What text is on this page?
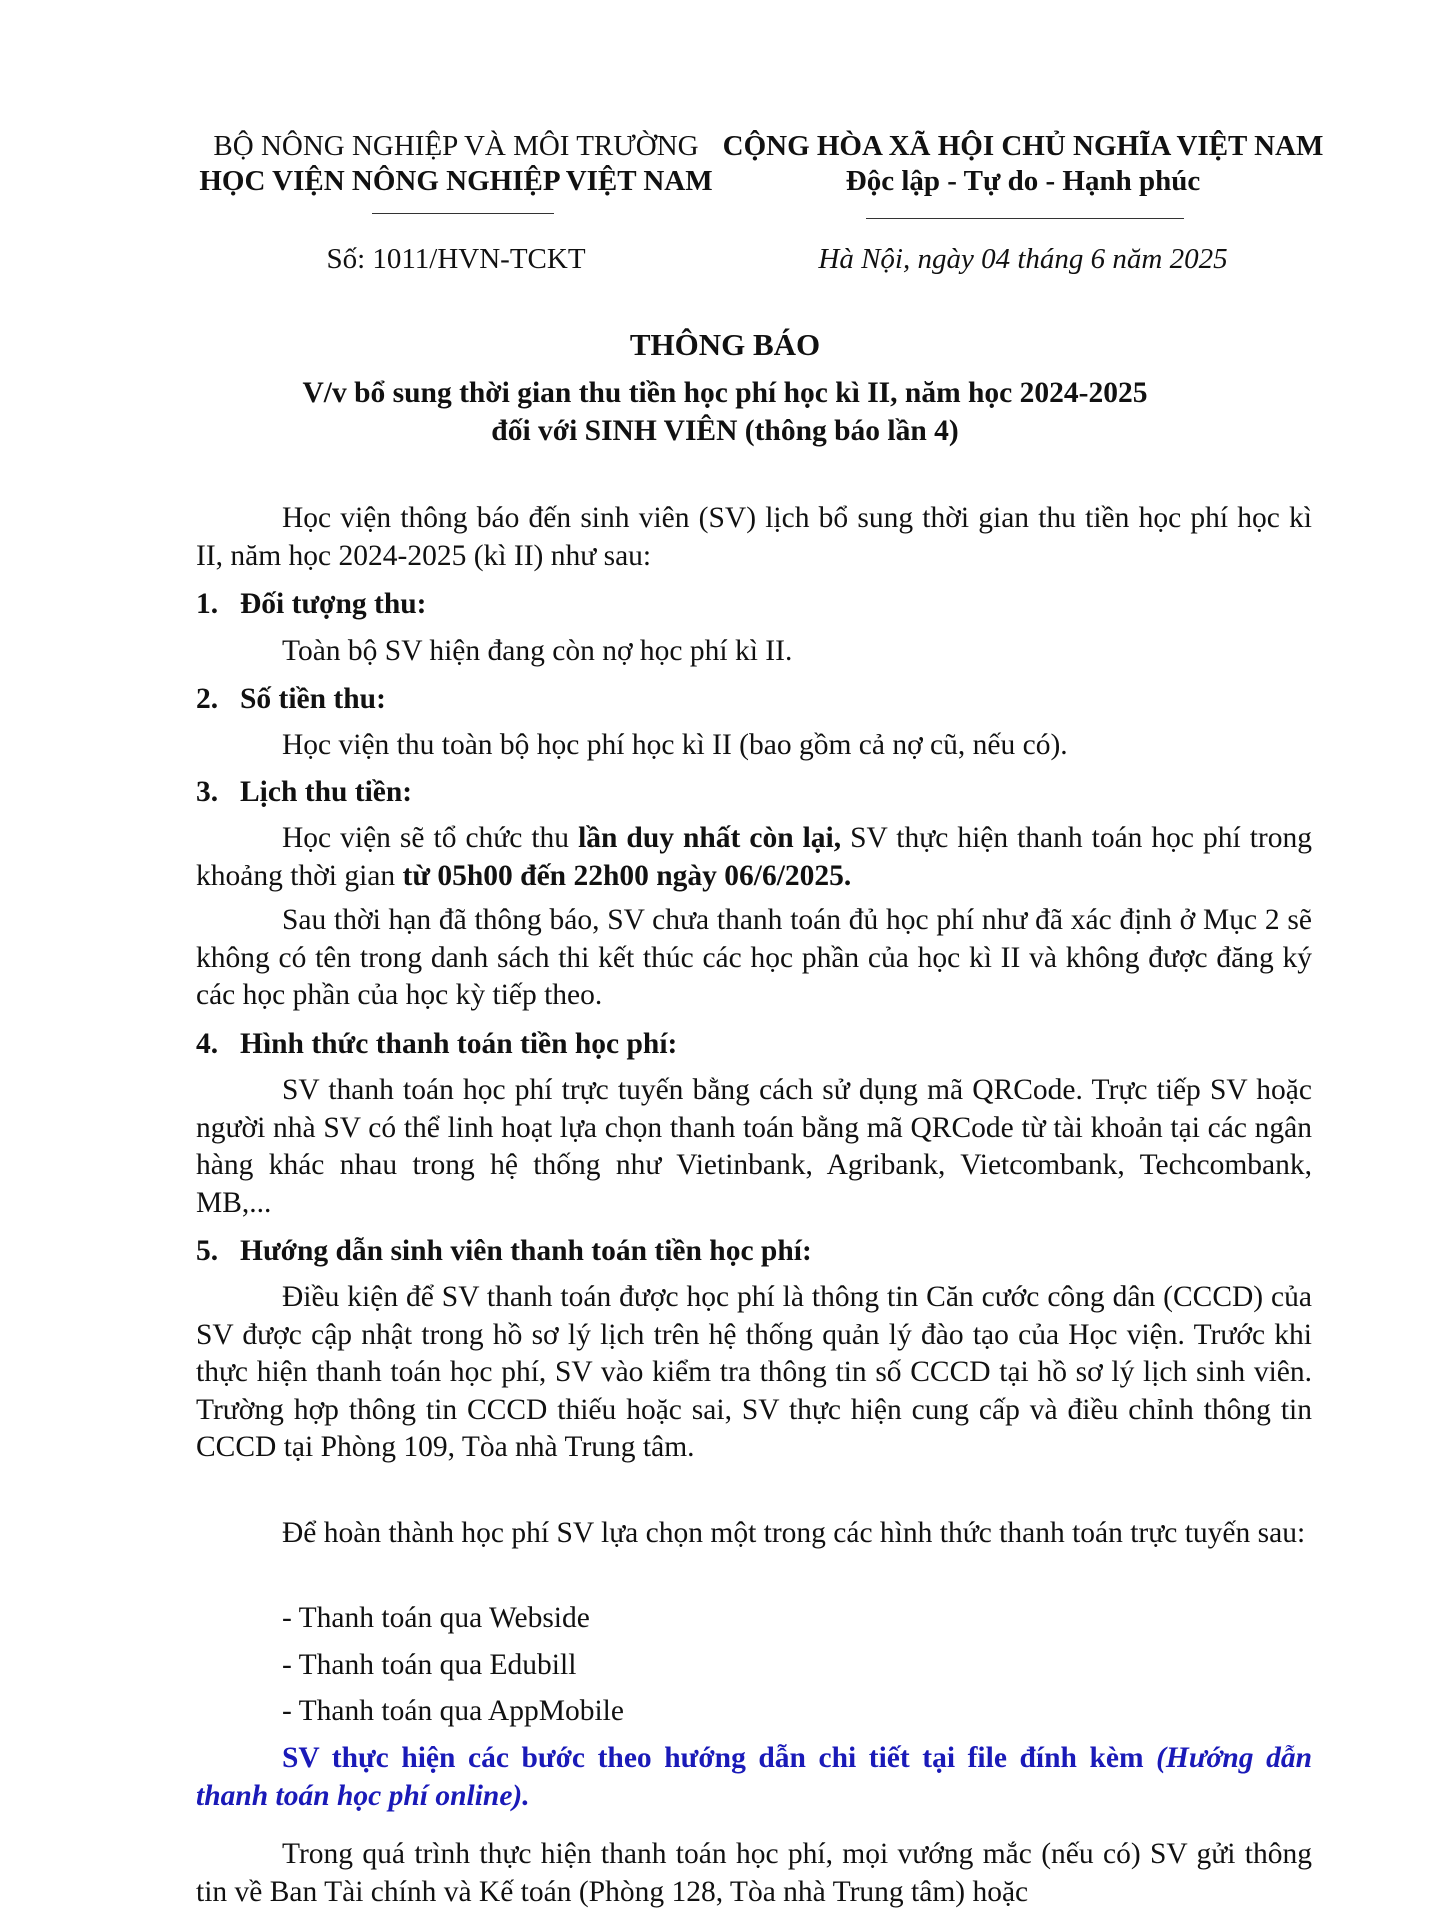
BỘ NÔNG NGHIỆP VÀ MÔI TRƯỜNG
HỌC VIỆN NÔNG NGHIỆP VIỆT NAM
CỘNG HÒA XÃ HỘI CHỦ NGHĨA VIỆT NAM
Độc lập - Tự do - Hạnh phúc
Số: 1011/HVN-TCKT	Hà Nội, ngày 04 tháng 6 năm 2025
THÔNG BÁO
V/v bổ sung thời gian thu tiền học phí học kì II, năm học 2024-2025
đối với SINH VIÊN (thông báo lần 4)
Học viện thông báo đến sinh viên (SV) lịch bổ sung thời gian thu tiền học phí học kì II, năm học 2024-2025 (kì II) như sau:
1. Đối tượng thu:
Toàn bộ SV hiện đang còn nợ học phí kì II.
2. Số tiền thu:
Học viện thu toàn bộ học phí học kì II (bao gồm cả nợ cũ, nếu có).
3. Lịch thu tiền:
Học viện sẽ tổ chức thu lần duy nhất còn lại, SV thực hiện thanh toán học phí trong khoảng thời gian từ 05h00 đến 22h00 ngày 06/6/2025.
Sau thời hạn đã thông báo, SV chưa thanh toán đủ học phí như đã xác định ở Mục 2 sẽ không có tên trong danh sách thi kết thúc các học phần của học kì II và không được đăng ký các học phần của học kỳ tiếp theo.
4. Hình thức thanh toán tiền học phí:
SV thanh toán học phí trực tuyến bằng cách sử dụng mã QRCode. Trực tiếp SV hoặc người nhà SV có thể linh hoạt lựa chọn thanh toán bằng mã QRCode từ tài khoản tại các ngân hàng khác nhau trong hệ thống như Vietinbank, Agribank, Vietcombank, Techcombank, MB,...
5. Hướng dẫn sinh viên thanh toán tiền học phí:
Điều kiện để SV thanh toán được học phí là thông tin Căn cước công dân (CCCD) của SV được cập nhật trong hồ sơ lý lịch trên hệ thống quản lý đào tạo của Học viện. Trước khi thực hiện thanh toán học phí, SV vào kiểm tra thông tin số CCCD tại hồ sơ lý lịch sinh viên. Trường hợp thông tin CCCD thiếu hoặc sai, SV thực hiện cung cấp và điều chỉnh thông tin CCCD tại Phòng 109, Tòa nhà Trung tâm.
Để hoàn thành học phí SV lựa chọn một trong các hình thức thanh toán trực tuyến sau:
- Thanh toán qua Webside
- Thanh toán qua Edubill
- Thanh toán qua AppMobile
SV thực hiện các bước theo hướng dẫn chi tiết tại file đính kèm (Hướng dẫn thanh toán học phí online).
Trong quá trình thực hiện thanh toán học phí, mọi vướng mắc (nếu có) SV gửi thông tin về Ban Tài chính và Kế toán (Phòng 128, Tòa nhà Trung tâm) hoặc
